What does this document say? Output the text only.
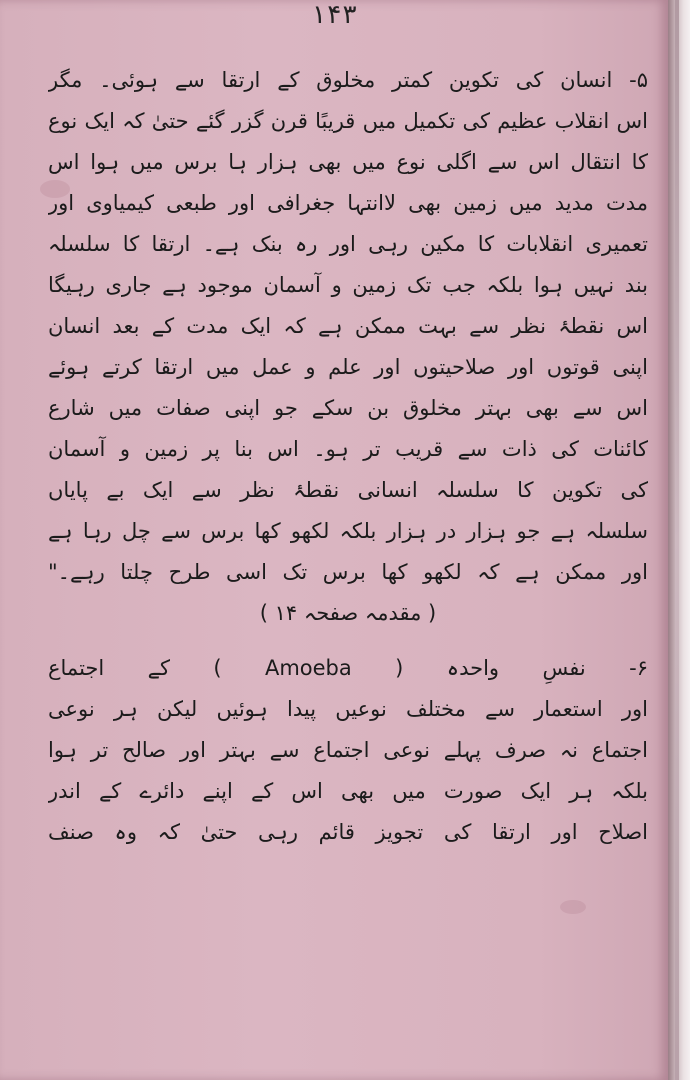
۱۴۳
۵- انسان کی تکوین کمتر مخلوق کے ارتقا سے ہوئی۔ مگر
اس انقلاب عظیم کی تکمیل میں قریبًا قرن گزر گئے حتیٰ کہ ایک نوع
کا انتقال اس سے اگلی نوع میں بھی ہزار ہا برس میں ہوا اس
مدت مدید میں زمین بھی لاانتہا جغرافی اور طبعی کیمیاوی اور
تعمیری انقلابات کا مکین رہی اور رہ بنک ہے۔ ارتقا کا سلسلہ
بند نہیں ہوا بلکہ جب تک زمین و آسمان موجود ہے جاری رہیگا
اس نقطۂ نظر سے بہت ممکن ہے کہ ایک مدت کے بعد انسان
اپنی قوتوں اور صلاحیتوں اور علم و عمل میں ارتقا کرتے ہوئے
اس سے بھی بہتر مخلوق بن سکے جو اپنی صفات میں شارع
کائنات کی ذات سے قریب تر ہو۔ اس بنا پر زمین و آسمان
کی تکوین کا سلسلہ انسانی نقطۂ نظر سے ایک بے پایاں
سلسلہ ہے جو ہزار در ہزار بلکہ لکھو کھا برس سے چل رہا ہے
اور ممکن ہے کہ لکھو کھا برس تک اسی طرح چلتا رہے۔"
( مقدمہ صفحہ ۱۴ )
۶- نفسِ واحدہ ( Amoeba ) کے اجتماع
اور استعمار سے مختلف نوعیں پیدا ہوئیں لیکن ہر نوعی
اجتماع نہ صرف پہلے نوعی اجتماع سے بہتر اور صالح تر ہوا
بلکہ ہر ایک صورت میں بھی اس کے اپنے دائرے کے اندر
اصلاح اور ارتقا کی تجویز قائم رہی حتیٰ کہ وہ صنف
